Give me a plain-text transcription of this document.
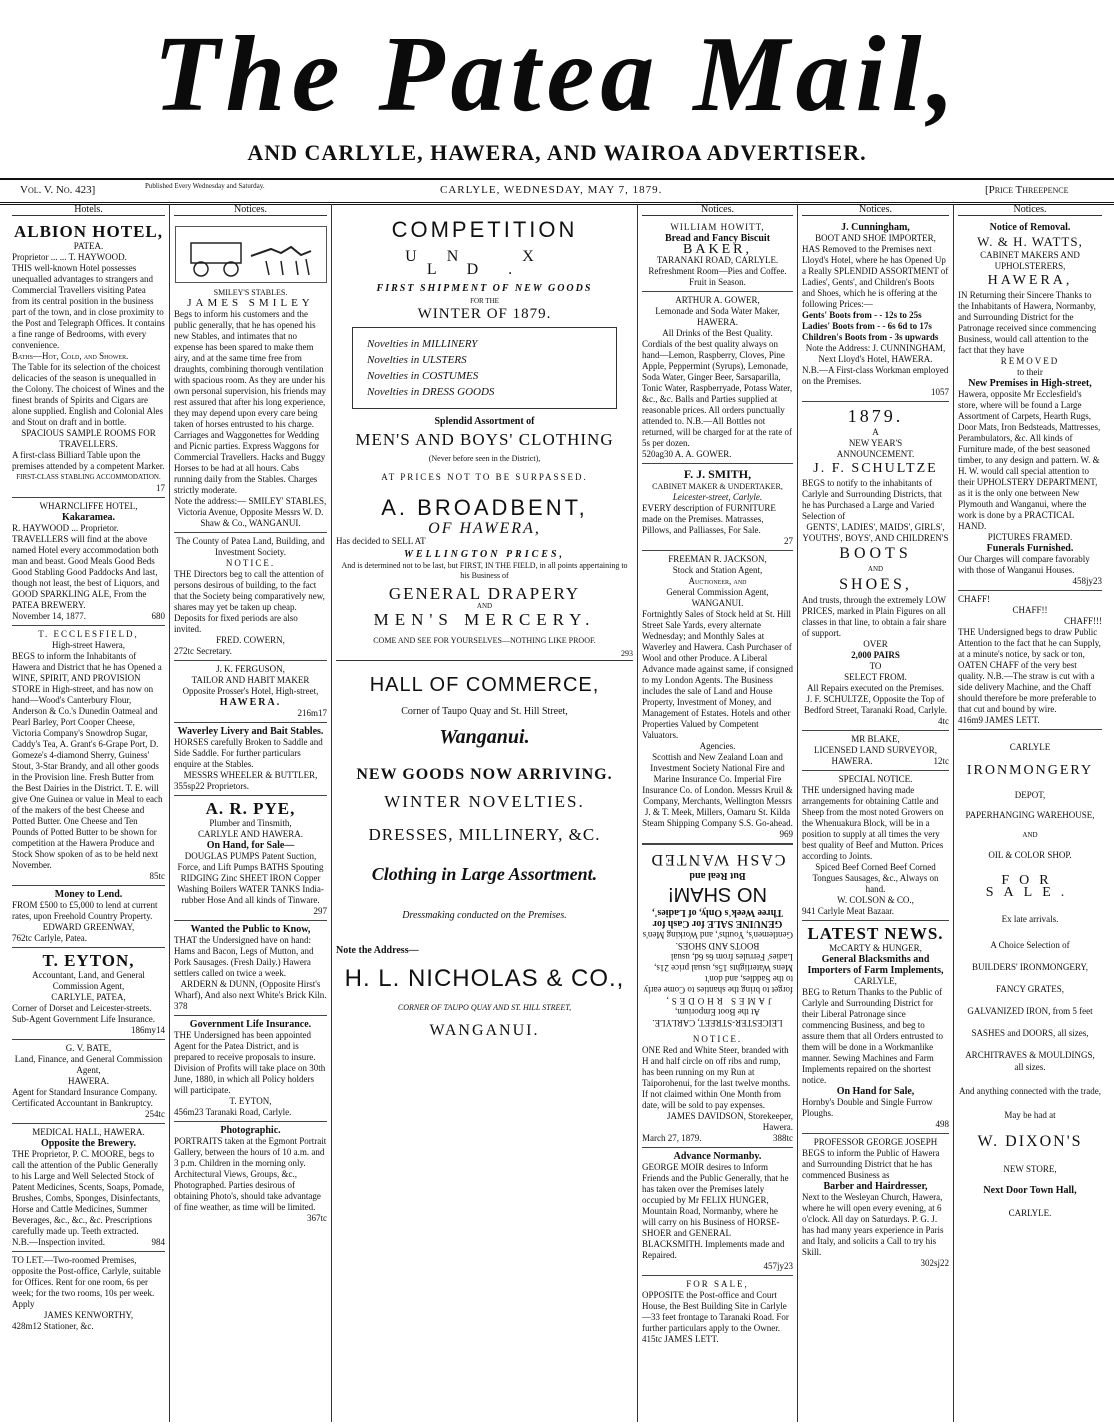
The Patea Mail,
AND CARLYLE, HAWERA, AND WAIROA ADVERTISER.
Vol. V. No. 423]	Published Every Wednesday and Saturday.	CARLYLE, WEDNESDAY, MAY 7, 1879.	[Price Threepence
Hotels.
ALBION HOTEL,
PATEA.
Proprietor ... ... T. HAYWOOD.
THIS well-known Hotel possesses unequalled advantages to strangers and Commercial Travellers visiting Patea from its central position in the business part of the town, and in close proximity to the Post and Telegraph Offices. It contains a fine range of Bedrooms, with every convenience.
Baths—Hot, Cold, and Shower.
The Table for its selection of the choicest delicacies of the season is unequalled in the Colony. The choicest of Wines and the finest brands of Spirits and Cigars are alone supplied. English and Colonial Ales and Stout on draft and in bottle.
SPACIOUS SAMPLE ROOMS FOR TRAVELLERS.
A first-class Billiard Table upon the premises attended by a competent Marker.
FIRST-CLASS STABLING ACCOMMODATION.
17
WHARNCLIFFE HOTEL,
Kakaramea.
R. HAYWOOD ... Proprietor.
TRAVELLERS will find at the above named Hotel every accommodation both man and beast. Good Meals Good Beds Good Stabling Good Paddocks And last, though not least, the best of Liquors, and GOOD SPARKLING ALE, From the PATEA BREWERY.
November 14, 1877.	680
T. ECCLESFIELD,
High-street Hawera,
BEGS to inform the Inhabitants of Hawera and District that he has Opened a WINE, SPIRIT, AND PROVISION STORE in High-street, and has now on hand—Wood's Canterbury Flour, Anderson & Co.'s Dunedin Oatmeal and Pearl Barley, Port Cooper Cheese, Victoria Company's Snowdrop Sugar, Caddy's Tea, A. Grant's 6-Grape Port, D. Gomeze's 4-diamond Sherry, Guiness' Stout, 3-Star Brandy, and all other goods in the Provision line. Fresh Butter from the Best Dairies in the District. T. E. will give One Guinea or value in Meal to each of the makers of the best Cheese and Potted Butter. One Cheese and Ten Pounds of Potted Butter to be shown for competition at the Hawera Produce and Stock Show spoken of as to be held next November.
85tc
Money to Lend.
FROM £500 to £5,000 to lend at current rates, upon Freehold Country Property.
EDWARD GREENWAY,
762tc Carlyle, Patea.
T. EYTON,
Accountant, Land, and General Commission Agent,
CARLYLE, PATEA,
Corner of Dorset and Leicester-streets.
Sub-Agent Government Life Insurance.
186my14
G. V. BATE,
Land, Finance, and General Commission Agent,
HAWERA.
Agent for Standard Insurance Company. Certificated Accountant in Bankruptcy.
254tc
MEDICAL HALL, HAWERA.
Opposite the Brewery.
THE Proprietor, P. C. MOORE, begs to call the attention of the Public Generally to his Large and Well Selected Stock of Patent Medicines, Scents, Soaps, Pomade, Brushes, Combs, Sponges, Disinfectants, Horse and Cattle Medicines, Summer Beverages, &c., &c., &c. Prescriptions carefully made up. Teeth extracted.
N.B.—Inspection invited.	984
TO LET.—Two-roomed Premises, opposite the Post-office, Carlyle, suitable for Offices. Rent for one room, 6s per week; for the two rooms, 10s per week. Apply
JAMES KENWORTHY,
428m12 Stationer, &c.
Notices.
SMILEY'S STABLES.
JAMES SMILEY
Begs to inform his customers and the public generally, that he has opened his new Stables, and intimates that no expense has been spared to make them airy, and at the same time free from draughts, combining thorough ventilation with spacious room. As they are under his own personal supervision, his friends may rest assured that after his long experience, they may depend upon every care being taken of horses entrusted to his charge. Carriages and Waggonettes for Wedding and Picnic parties. Express Waggons for Commercial Travellers. Hacks and Buggy Horses to be had at all hours. Cabs running daily from the Stables. Charges strictly moderate.
Note the address:— SMILEY' STABLES, Victoria Avenue, Opposite Messrs W. D. Shaw & Co., WANGANUI.
The County of Patea Land, Building, and Investment Society.
NOTICE.
THE Directors beg to call the attention of persons desirous of building, to the fact that the Society being comparatively new, shares may yet be taken up cheap. Deposits for fixed periods are also invited.
FRED. COWERN,
272tc Secretary.
J. K. FERGUSON,
TAILOR AND HABIT MAKER
Opposite Prosser's Hotel, High-street,
HAWERA.
216m17
Waverley Livery and Bait Stables.
HORSES carefully Broken to Saddle and Side Saddle. For further particulars enquire at the Stables.
MESSRS WHEELER & BUTTLER,
355sp22 Proprietors.
A. R. PYE,
Plumber and Tinsmith,
CARLYLE AND HAWERA.
On Hand, for Sale—
DOUGLAS PUMPS Patent Suction, Force, and Lift Pumps BATHS Spouting RIDGING Zinc SHEET IRON Copper Washing Boilers WATER TANKS India-rubber Hose And all kinds of Tinware.
297
Wanted the Public to Know,
THAT the Undersigned have on hand: Hams and Bacon, Legs of Mutton, and Pork Sausages. (Fresh Daily.) Hawera settlers called on twice a week.
ARDERN & DUNN, (Opposite Hirst's Wharf), And also next White's Brick Kiln.
378
Government Life Insurance.
THE Undersigned has been appointed Agent for the Patea District, and is prepared to receive proposals to insure. Division of Profits will take place on 30th June, 1880, in which all Policy holders will participate.
T. EYTON,
456m23 Taranaki Road, Carlyle.
Photographic.
PORTRAITS taken at the Egmont Portrait Gallery, between the hours of 10 a.m. and 3 p.m. Children in the morning only. Architectural Views, Groups, &c., Photographed. Parties desirous of obtaining Photo's, should take advantage of fine weather, as time will be limited.
367tc
COMPETITION
UN X LD.
FIRST SHIPMENT OF NEW GOODS
FOR THE
WINTER OF 1879.
Novelties in MILLINERY
Novelties in ULSTERS
Novelties in COSTUMES
Novelties in DRESS GOODS
Splendid Assortment of
MEN'S AND BOYS' CLOTHING
(Never before seen in the District),
AT PRICES NOT TO BE SURPASSED.
A. BROADBENT,
OF HAWERA,
Has decided to SELL AT
WELLINGTON PRICES,
And is determined not to be last, but FIRST, IN THE FIELD, in all points appertaining to his Business of
GENERAL DRAPERY
AND
MEN'S MERCERY.
COME AND SEE FOR YOURSELVES—NOTHING LIKE PROOF.
293
HALL OF COMMERCE,
Corner of Taupo Quay and St. Hill Street,
Wanganui.
NEW GOODS NOW ARRIVING.
WINTER NOVELTIES.
DRESSES, MILLINERY, &C.
Clothing in Large Assortment.
Dressmaking conducted on the Premises.
Note the Address—
H. L. NICHOLAS & CO.,
CORNER OF TAUPO QUAY AND ST. HILL STREET,
WANGANUI.
Notices.
WILLIAM HOWITT,
Bread and Fancy Biscuit
BAKER,
TARANAKI ROAD, CARLYLE.
Refreshment Room—Pies and Coffee. Fruit in Season.
ARTHUR A. GOWER,
Lemonade and Soda Water Maker,
HAWERA.
All Drinks of the Best Quality.
Cordials of the best quality always on hand—Lemon, Raspberry, Cloves, Pine Apple, Peppermint (Syrups), Lemonade, Soda Water, Ginger Beer, Sarsaparilla, Tonic Water, Raspberryade, Potass Water, &c., &c. Balls and Parties supplied at reasonable prices. All orders punctually attended to. N.B.—All Bottles not returned, will be charged for at the rate of 5s per dozen.
520ag30 A. A. GOWER.
F. J. SMITH,
CABINET MAKER & UNDERTAKER,
Leicester-street, Carlyle.
EVERY description of FURNITURE made on the Premises. Matrasses, Pillows, and Palliasses, For Sale.
27
FREEMAN R. JACKSON,
Stock and Station Agent,
Auctioneer, and
General Commission Agent,
WANGANUI.
Fortnightly Sales of Stock held at St. Hill Street Sale Yards, every alternate Wednesday; and Monthly Sales at Waverley and Hawera. Cash Purchaser of Wool and other Produce. A Liberal Advance made against same, if consigned to my London Agents. The Business includes the sale of Land and House Property, Investment of Money, and Management of Estates. Hotels and other Properties Valued by Competent Valuators.
Agencies.
Scottish and New Zealand Loan and Investment Society National Fire and Marine Insurance Co. Imperial Fire Insurance Co. of London. Messrs Kruil & Company, Merchants, Wellington Messrs J. & T. Meek, Millers, Oamaru St. Kilda Steam Shipping Company S.S. Go-ahead.
969
LEICESTER-STREET, CARLYLE.
At the Boot Emporium,
JAMES RHODES,
forget to bring the shanties to Come early to the Saddles, and don't
Mens Waterlights 15s, usual price 21s, Ladies' Ferrules from 6s 6d, usual
BOOTS AND SHOES.
Gentlemen's, Youths', and Working Men's
GENUINE SALE for Cash for Three Week's Only, of Ladies',
NO SHAM!
But Real and
CASH WANTED
NOTICE.
ONE Red and White Steer, branded with H and half circle on off ribs and rump, has been running on my Run at Taiporohenui, for the last twelve months. If not claimed within One Month from date, will be sold to pay expenses.
JAMES DAVIDSON, Storekeeper, Hawera.
March 27, 1879.	388tc
Advance Normanby.
GEORGE MOIR desires to Inform Friends and the Public Generally, that he has taken over the Premises lately occupied by Mr FELIX HUNGER, Mountain Road, Normanby, where he will carry on his Business of HORSE-SHOER and GENERAL BLACKSMITH. Implements made and Repaired.
457jy23
FOR SALE,
OPPOSITE the Post-office and Court House, the Best Building Site in Carlyle—33 feet frontage to Taranaki Road. For further particulars apply to the Owner.
415tc JAMES LETT.
Notices.
J. Cunningham,
BOOT AND SHOE IMPORTER,
HAS Removed to the Premises next Lloyd's Hotel, where he has Opened Up a Really SPLENDID ASSORTMENT of Ladies', Gents', and Children's Boots and Shoes, which he is offering at the following Prices:—
Gents' Boots from - - 12s to 25s
Ladies' Boots from - - 6s 6d to 17s
Children's Boots from - 3s upwards
Note the Address: J. CUNNINGHAM, Next Lloyd's Hotel, HAWERA.
N.B.—A First-class Workman employed on the Premises.
1057
1879.
A
NEW YEAR'S
ANNOUNCEMENT.
J. F. SCHULTZE
BEGS to notify to the inhabitants of Carlyle and Surrounding Districts, that he has Purchased a Large and Varied Selection of
GENTS', LADIES', MAIDS', GIRLS', YOUTHS', BOYS', AND CHILDREN'S
BOOTS
AND
SHOES,
And trusts, through the extremely LOW PRICES, marked in Plain Figures on all classes in that line, to obtain a fair share of support.
OVER
2,000 PAIRS
TO
SELECT FROM.
All Repairs executed on the Premises.
J. F. SCHULTZE, Opposite the Top of Bedford Street, Taranaki Road, Carlyle.
4tc
MR BLAKE,
LICENSED LAND SURVEYOR,
HAWERA.	12tc
SPECIAL NOTICE.
THE undersigned having made arrangements for obtaining Cattle and Sheep from the most noted Growers on the Whenuakura Block, will be in a position to supply at all times the very best quality of Beef and Mutton. Prices according to Joints.
Spiced Beef Corned Beef Corned Tongues Sausages, &c., Always on hand.
W. COLSON & CO.,
941 Carlyle Meat Bazaar.
LATEST NEWS.
McCARTY & HUNGER,
General Blacksmiths and Importers of Farm Implements,
CARLYLE,
BEG to Return Thanks to the Public of Carlyle and Surrounding District for their Liberal Patronage since commencing Business, and beg to assure them that all Orders entrusted to them will be done in a Workmanlike manner. Sewing Machines and Farm Implements repaired on the shortest notice.
On Hand for Sale,
Hornby's Double and Single Furrow Ploughs.
498
PROFESSOR GEORGE JOSEPH
BEGS to inform the Public of Hawera and Surrounding District that he has commenced Business as
Barber and Hairdresser,
Next to the Wesleyan Church, Hawera, where he will open every evening, at 6 o'clock. All day on Saturdays. P. G. J. has had many years experience in Paris and Italy, and solicits a Call to try his Skill.
302sj22
Notices.
Notice of Removal.
W. & H. WATTS,
CABINET MAKERS AND UPHOLSTERERS,
HAWERA,
IN Returning their Sincere Thanks to the Inhabitants of Hawera, Normanby, and Surrounding District for the Patronage received since commencing Business, would call attention to the fact that they have
REMOVED
to their
New Premises in High-street,
Hawera, opposite Mr Ecclesfield's store, where will be found a Large Assortment of Carpets, Hearth Rugs, Door Mats, Iron Bedsteads, Mattresses, Perambulators, &c. All kinds of Furniture made, of the best seasoned timber, to any design and pattern. W. & H. W. would call special attention to their UPHOLSTERY DEPARTMENT, as it is the only one between New Plymouth and Wanganui, where the work is done by a PRACTICAL HAND.
PICTURES FRAMED.
Funerals Furnished.
Our Charges will compare favorably with those of Wanganui Houses.
458jy23
CHAFF!
CHAFF!!
CHAFF!!!
THE Undersigned begs to draw Public Attention to the fact that he can Supply, at a minute's notice, by sack or ton, OATEN CHAFF of the very best quality. N.B.—The straw is cut with a side delivery Machine, and the Chaff should therefore be more preferable to that cut and bound by wire.
416m9 JAMES LETT.
CARLYLE
IRONMONGERY
DEPOT,
PAPERHANGING WAREHOUSE,
AND
OIL & COLOR SHOP.
FOR SALE.
Ex late arrivals.
A Choice Selection of
BUILDERS' IRONMONGERY,
FANCY GRATES,
GALVANIZED IRON, from 5 feet
SASHES and DOORS, all sizes,
ARCHITRAVES & MOULDINGS,
all sizes.
And anything connected with the trade,
May be had at
W. DIXON'S
NEW STORE,
Next Door Town Hall,
CARLYLE.
